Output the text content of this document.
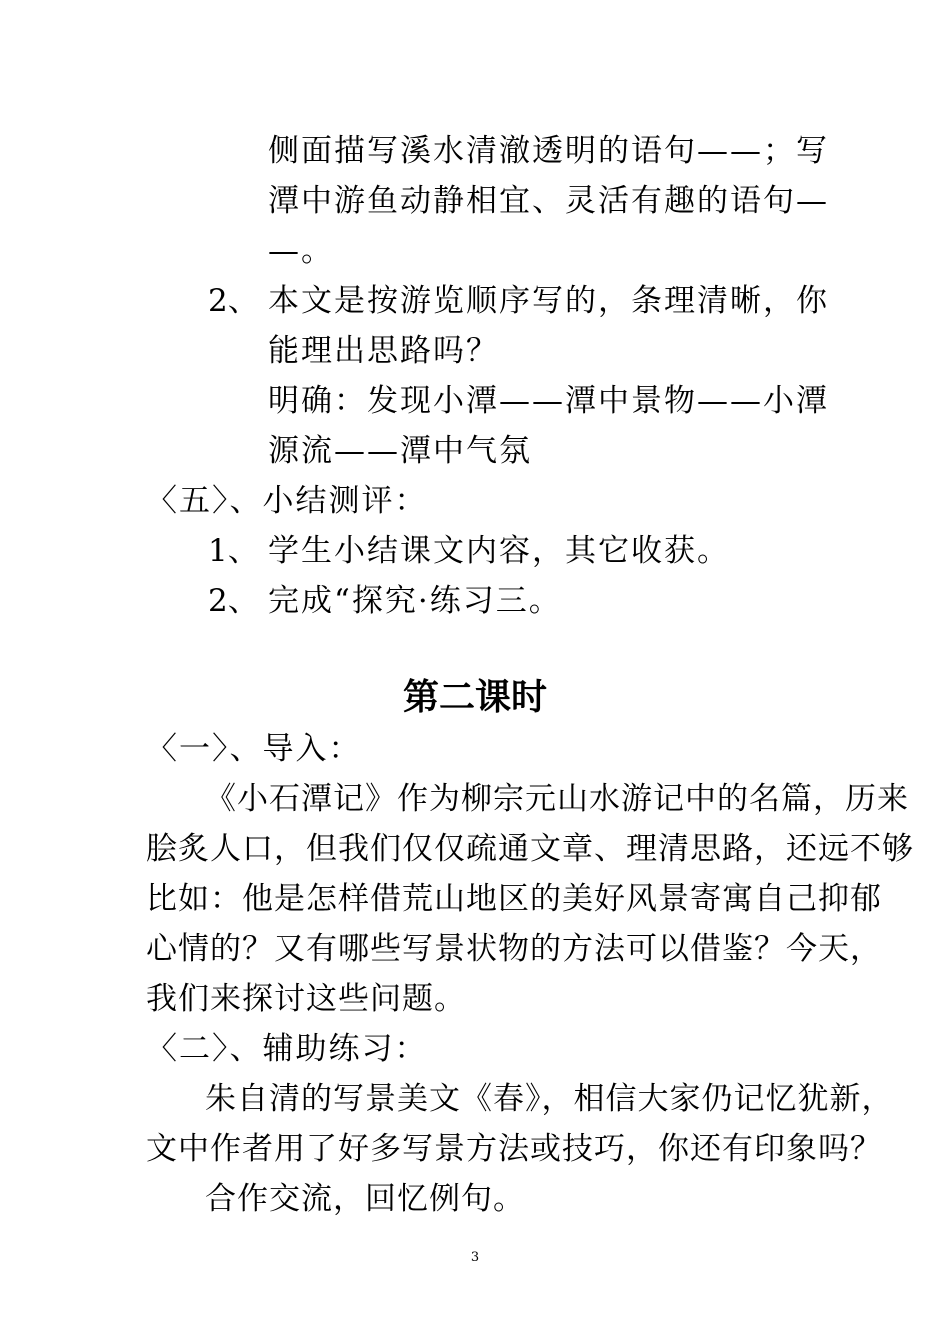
侧面描写溪水清澈透明的语句——；写
潭中游鱼动静相宜、灵活有趣的语句—
—。
2、 本文是按游览顺序写的，条理清晰，你
能理出思路吗？
明确：发现小潭——潭中景物——小潭
源流——潭中气氛
〈五〉、小结测评：
1、 学生小结课文内容，其它收获。
2、 完成“探究·练习三。
第二课时
〈一〉、导入：
《小石潭记》作为柳宗元山水游记中的名篇，历来
脍炙人口，但我们仅仅疏通文章、理清思路，还远不够
比如：他是怎样借荒山地区的美好风景寄寓自己抑郁
心情的？又有哪些写景状物的方法可以借鉴？今天，
我们来探讨这些问题。
〈二〉、辅助练习：
朱自清的写景美文《春》，相信大家仍记忆犹新，
文中作者用了好多写景方法或技巧，你还有印象吗？
合作交流，回忆例句。
3
